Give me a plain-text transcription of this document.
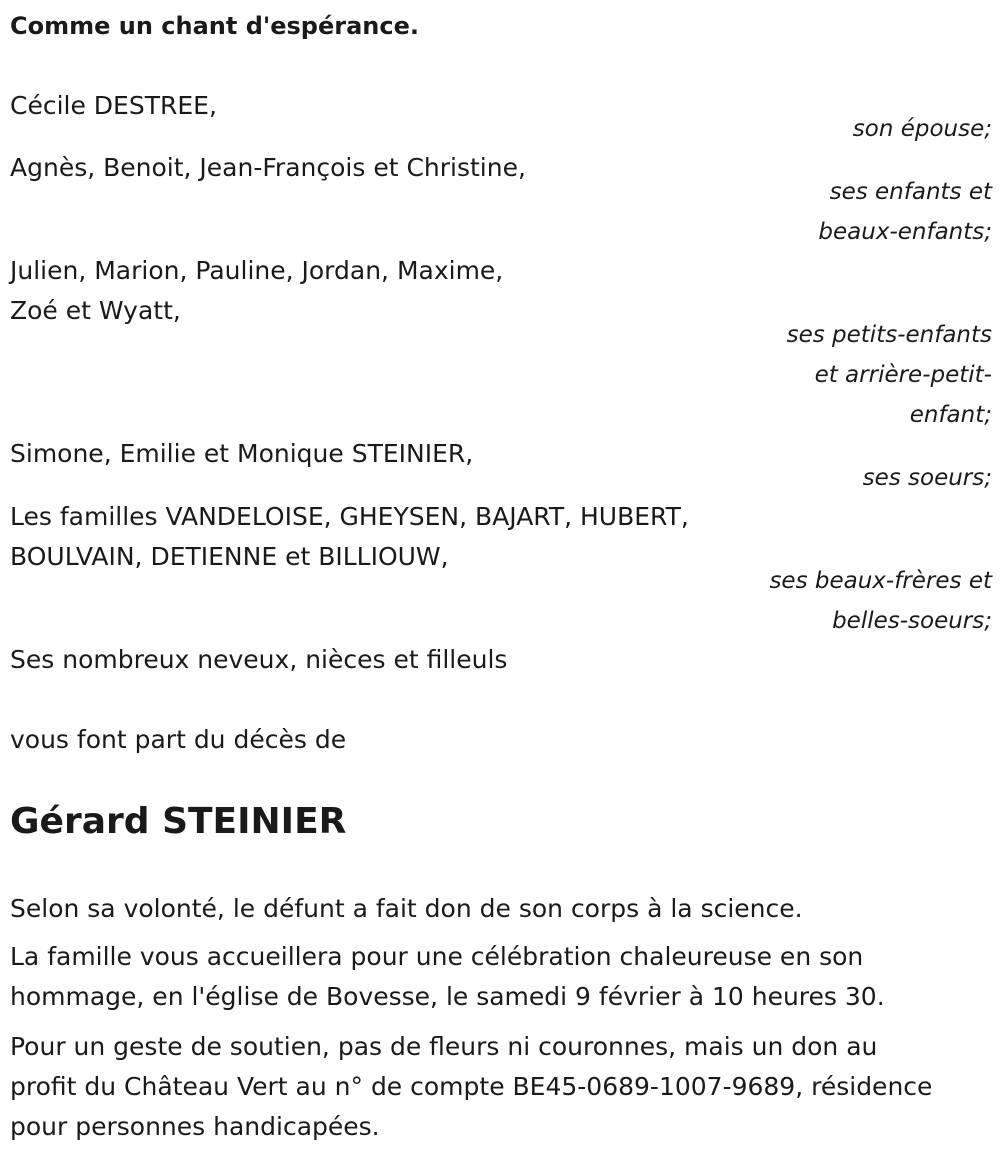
Comme un chant d'espérance.
Cécile DESTREE,
son épouse;
Agnès, Benoit, Jean-François et Christine,
ses enfants et
beaux-enfants;
Julien, Marion, Pauline, Jordan, Maxime,
Zoé et Wyatt,
ses petits-enfants
et arrière-petit-
enfant;
Simone, Emilie et Monique STEINIER,
ses soeurs;
Les familles VANDELOISE, GHEYSEN, BAJART, HUBERT,
BOULVAIN, DETIENNE et BILLIOUW,
ses beaux-frères et
belles-soeurs;
Ses nombreux neveux, nièces et filleuls
vous font part du décès de
Gérard STEINIER
Selon sa volonté, le défunt a fait don de son corps à la science.
La famille vous accueillera pour une célébration chaleureuse en son
hommage, en l'église de Bovesse, le samedi 9 février à 10 heures 30.
Pour un geste de soutien, pas de fleurs ni couronnes, mais un don au
profit du Château Vert au n° de compte BE45-0689-1007-9689, résidence
pour personnes handicapées.
